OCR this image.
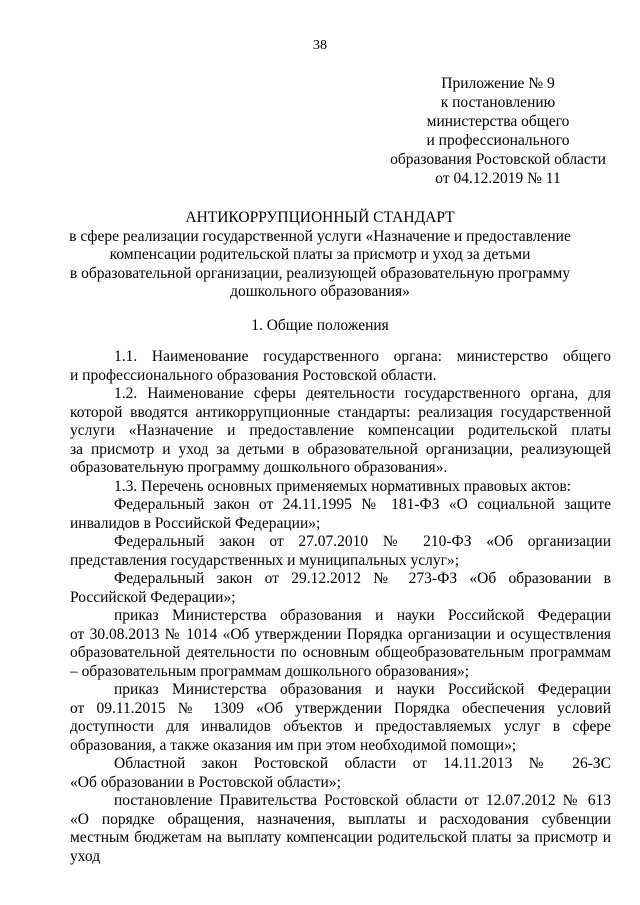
38
Приложение № 9
к постановлению
министерства общего
и профессионального
образования Ростовской области
от 04.12.2019 № 11
АНТИКОРРУПЦИОННЫЙ СТАНДАРТ
в сфере реализации государственной услуги «Назначение и предоставление
компенсации родительской платы за присмотр и уход за детьми
в образовательной организации, реализующей образовательную программу
дошкольного образования»
1. Общие положения
1.1. Наименование государственного органа: министерство общего
и профессионального образования Ростовской области.
1.2. Наименование сферы деятельности государственного органа, для
которой вводятся антикоррупционные стандарты: реализация государственной
услуги «Назначение и предоставление компенсации родительской платы
за присмотр и уход за детьми в образовательной организации, реализующей
образовательную программу дошкольного образования».
1.3. Перечень основных применяемых нормативных правовых актов:
Федеральный закон от 24.11.1995 № 181-ФЗ «О социальной защите
инвалидов в Российской Федерации»;
Федеральный закон от 27.07.2010 № 210-ФЗ «Об организации
представления государственных и муниципальных услуг»;
Федеральный закон от 29.12.2012 № 273-ФЗ «Об образовании в
Российской Федерации»;
приказ Министерства образования и науки Российской Федерации
от 30.08.2013 № 1014 «Об утверждении Порядка организации и осуществления
образовательной деятельности по основным общеобразовательным программам
– образовательным программам дошкольного образования»;
приказ Министерства образования и науки Российской Федерации
от 09.11.2015 № 1309 «Об утверждении Порядка обеспечения условий
доступности для инвалидов объектов и предоставляемых услуг в сфере
образования, а также оказания им при этом необходимой помощи»;
Областной закон Ростовской области от 14.11.2013 № 26-ЗС
«Об образовании в Ростовской области»;
постановление Правительства Ростовской области от 12.07.2012 № 613
«О порядке обращения, назначения, выплаты и расходования субвенции
местным бюджетам на выплату компенсации родительской платы за присмотр и
уход
